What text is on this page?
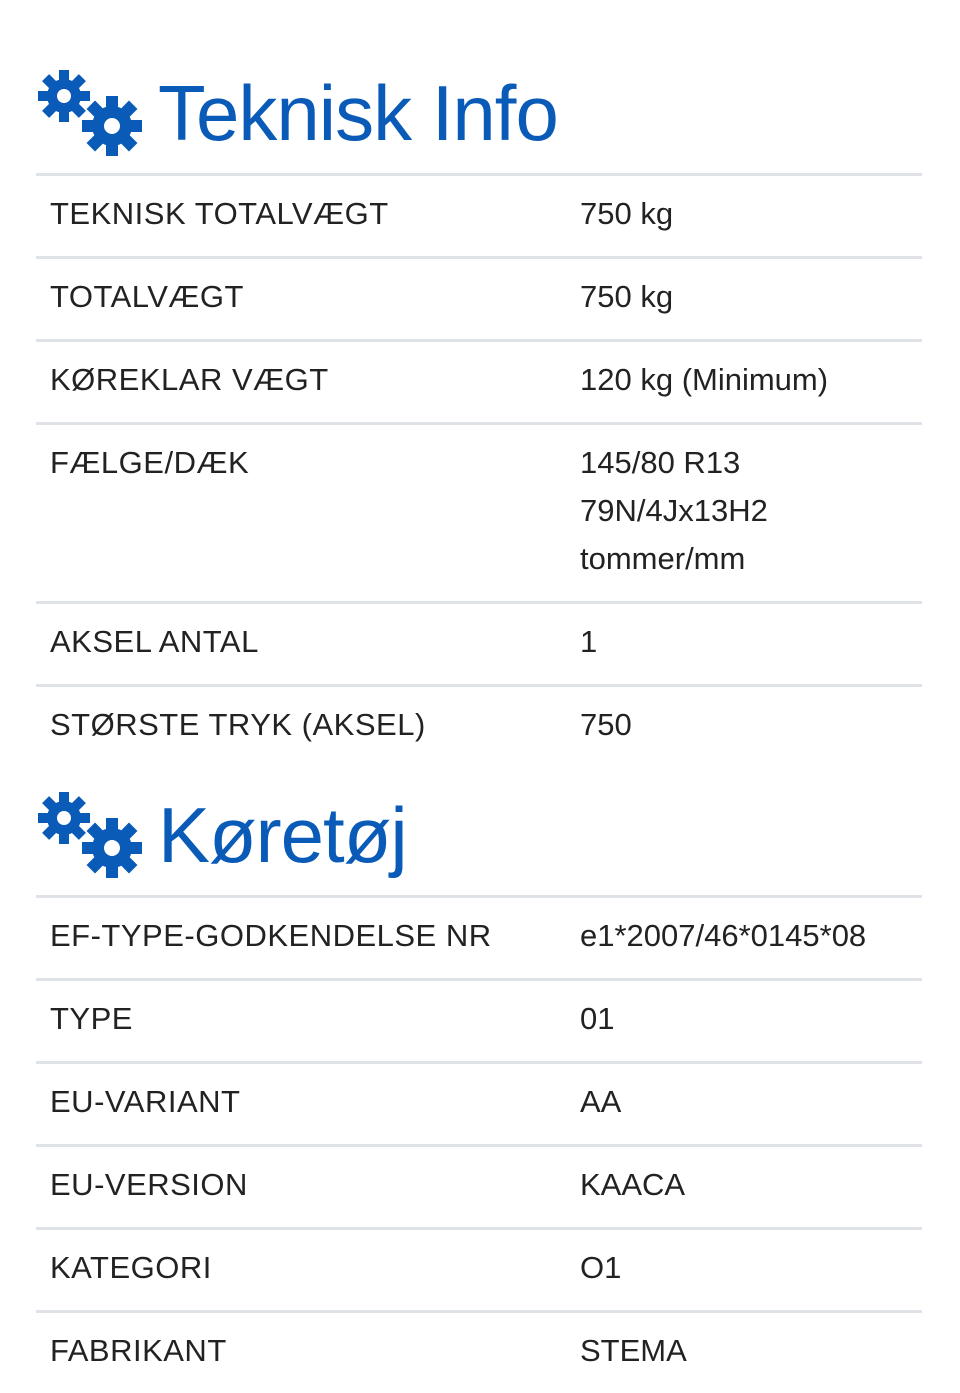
Teknisk Info
TEKNISK TOTALVÆGT	750 kg
TOTALVÆGT	750 kg
KØREKLAR VÆGT	120 kg (Minimum)
FÆLGE/DÆK	145/80 R13
79N/4Jx13H2
tommer/mm
AKSEL ANTAL	1
STØRSTE TRYK (AKSEL)	750
Køretøj
EF-TYPE-GODKENDELSE NR	e1*2007/46*0145*08
TYPE	01
EU-VARIANT	AA
EU-VERSION	KAACA
KATEGORI	O1
FABRIKANT	STEMA
